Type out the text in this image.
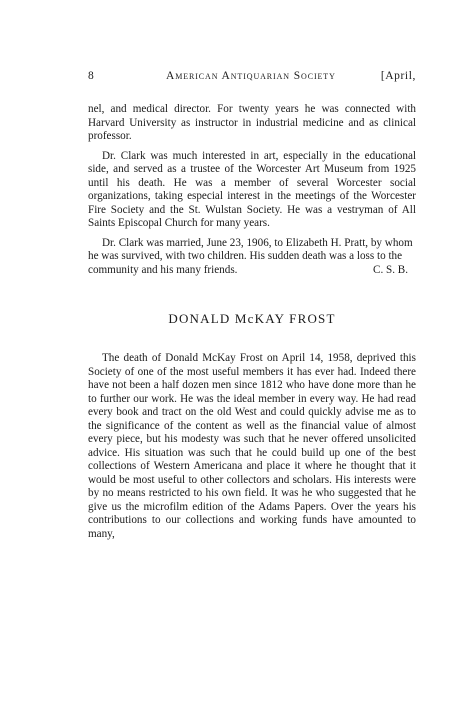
8	American Antiquarian Society	[April,

nel, and medical director. For twenty years he was connected with Harvard University as instructor in industrial medicine and as clinical professor.

Dr. Clark was much interested in art, especially in the educational side, and served as a trustee of the Worcester Art Museum from 1925 until his death. He was a member of several Worcester social organizations, taking especial interest in the meetings of the Worcester Fire Society and the St. Wulstan Society. He was a vestryman of All Saints Episcopal Church for many years.

Dr. Clark was married, June 23, 1906, to Elizabeth H. Pratt, by whom he was survived, with two children. His sudden death was a loss to the community and his many friends.	C. S. B.

DONALD McKAY FROST

The death of Donald McKay Frost on April 14, 1958, deprived this Society of one of the most useful members it has ever had. Indeed there have not been a half dozen men since 1812 who have done more than he to further our work. He was the ideal member in every way. He had read every book and tract on the old West and could quickly advise me as to the significance of the content as well as the financial value of almost every piece, but his modesty was such that he never offered unsolicited advice. His situation was such that he could build up one of the best collections of Western Americana and place it where he thought that it would be most useful to other collectors and scholars. His interests were by no means restricted to his own field. It was he who suggested that he give us the microfilm edition of the Adams Papers. Over the years his contributions to our collections and working funds have amounted to many,
